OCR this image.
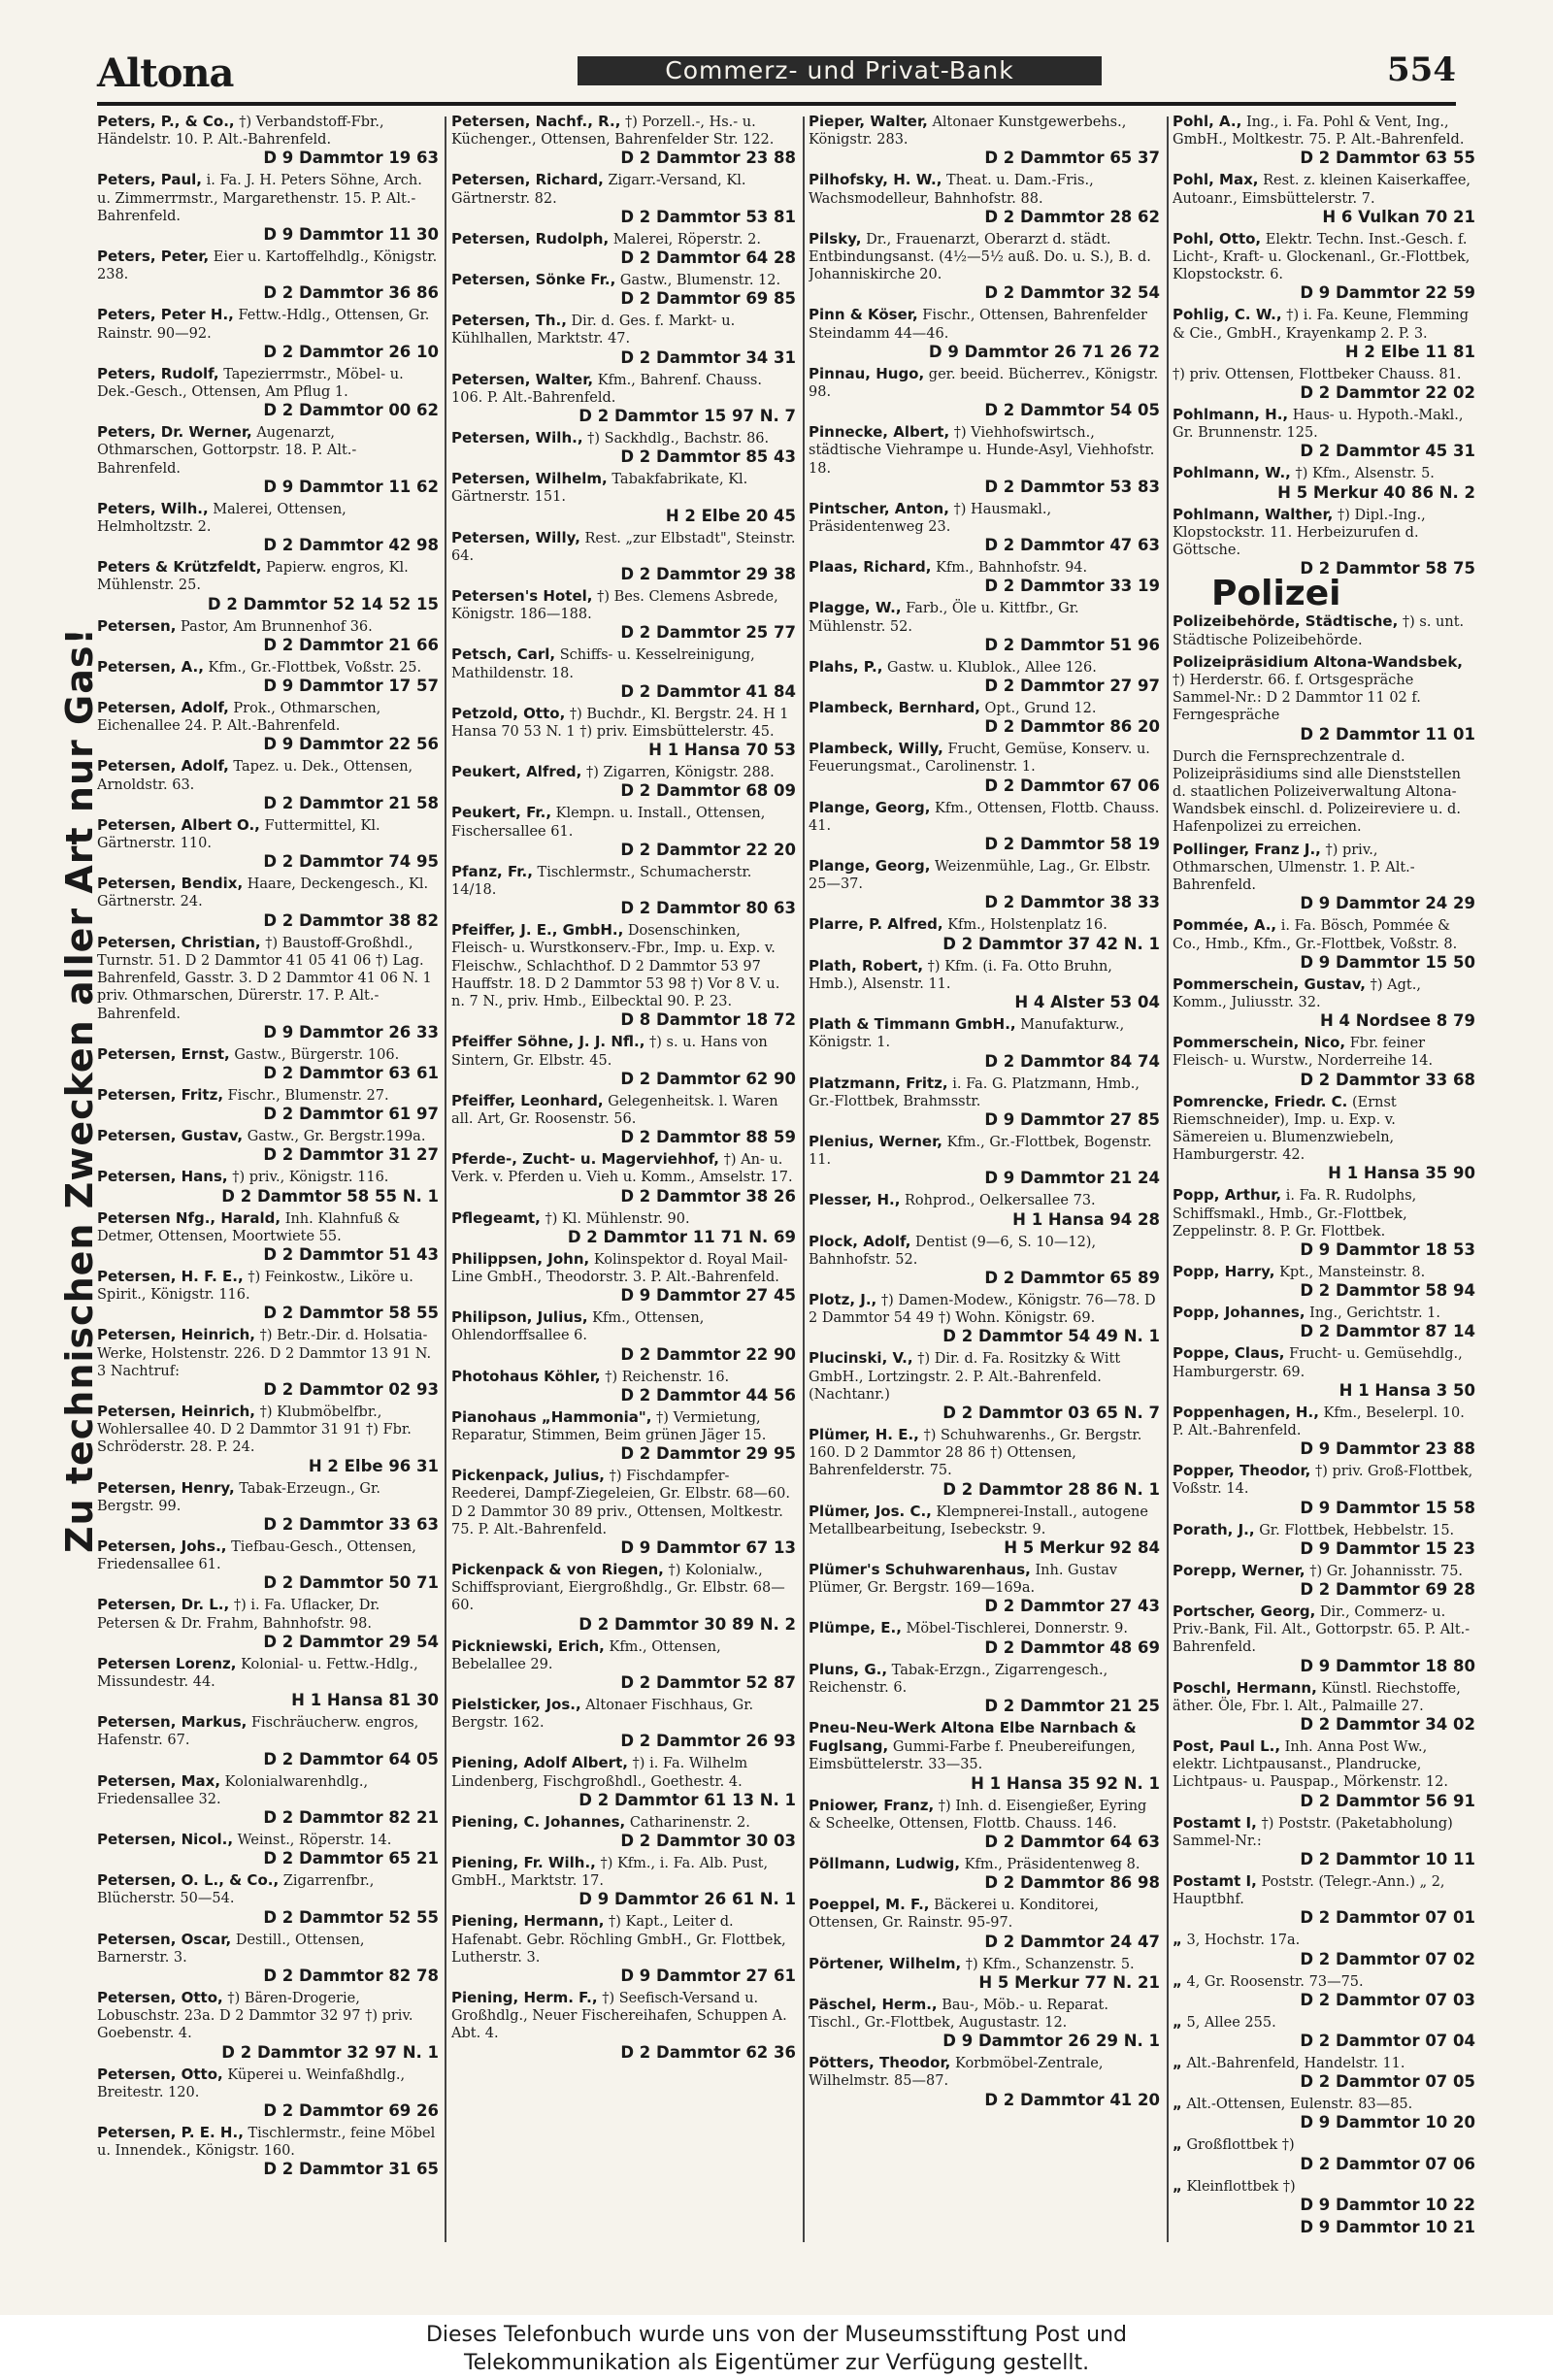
Altona	Commerz- und Privat-Bank	554
Zu technischen Zwecken aller Art nur Gas!
Peters, P., & Co., †) Verbandstoff-Fbr., Händelstr. 10. P. Alt.-Bahrenfeld.
D 9 Dammtor 19 63
Peters, Paul, i. Fa. J. H. Peters Söhne, Arch. u. Zimmerrmstr., Margarethenstr. 15. P. Alt.-Bahrenfeld.
D 9 Dammtor 11 30
Peters, Peter, Eier u. Kartoffelhdlg., Königstr. 238.
D 2 Dammtor 36 86
Peters, Peter H., Fettw.-Hdlg., Ottensen, Gr. Rainstr. 90—92.
D 2 Dammtor 26 10
Peters, Rudolf, Tapezierrmstr., Möbel- u. Dek.-Gesch., Ottensen, Am Pflug 1.
D 2 Dammtor 00 62
Peters, Dr. Werner, Augenarzt, Othmarschen, Gottorpstr. 18. P. Alt.-Bahrenfeld.
D 9 Dammtor 11 62
Peters, Wilh., Malerei, Ottensen, Helmholtzstr. 2.
D 2 Dammtor 42 98
Peters & Krützfeldt, Papierw. engros, Kl. Mühlenstr. 25.
D 2 Dammtor 52 14 52 15
Petersen, Pastor, Am Brunnenhof 36.
D 2 Dammtor 21 66
Petersen, A., Kfm., Gr.-Flottbek, Voßstr. 25.
D 9 Dammtor 17 57
Petersen, Adolf, Prok., Othmarschen, Eichenallee 24. P. Alt.-Bahrenfeld.
D 9 Dammtor 22 56
Petersen, Adolf, Tapez. u. Dek., Ottensen, Arnoldstr. 63.
D 2 Dammtor 21 58
Petersen, Albert O., Futtermittel, Kl. Gärtnerstr. 110.
D 2 Dammtor 74 95
Petersen, Bendix, Haare, Deckengesch., Kl. Gärtnerstr. 24.
D 2 Dammtor 38 82
Petersen, Christian, †) Baustoff-Großhdl., Turnstr. 51. D 2 Dammtor 41 05 41 06 †) Lag. Bahrenfeld, Gasstr. 3. D 2 Dammtor 41 06 N. 1 priv. Othmarschen, Dürerstr. 17. P. Alt.-Bahrenfeld.
D 9 Dammtor 26 33
Petersen, Ernst, Gastw., Bürgerstr. 106.
D 2 Dammtor 63 61
Petersen, Fritz, Fischr., Blumenstr. 27.
D 2 Dammtor 61 97
Petersen, Gustav, Gastw., Gr. Bergstr.199a.
D 2 Dammtor 31 27
Petersen, Hans, †) priv., Königstr. 116.
D 2 Dammtor 58 55 N. 1
Petersen Nfg., Harald, Inh. Klahnfuß & Detmer, Ottensen, Moortwiete 55.
D 2 Dammtor 51 43
Petersen, H. F. E., †) Feinkostw., Liköre u. Spirit., Königstr. 116.
D 2 Dammtor 58 55
Petersen, Heinrich, †) Betr.-Dir. d. Holsatia-Werke, Holstenstr. 226. D 2 Dammtor 13 91 N. 3 Nachtruf:
D 2 Dammtor 02 93
Petersen, Heinrich, †) Klubmöbelfbr., Wohlersallee 40. D 2 Dammtor 31 91 †) Fbr. Schröderstr. 28. P. 24.
H 2 Elbe 96 31
Petersen, Henry, Tabak-Erzeugn., Gr. Bergstr. 99.
D 2 Dammtor 33 63
Petersen, Johs., Tiefbau-Gesch., Ottensen, Friedensallee 61.
D 2 Dammtor 50 71
Petersen, Dr. L., †) i. Fa. Uflacker, Dr. Petersen & Dr. Frahm, Bahnhofstr. 98.
D 2 Dammtor 29 54
Petersen Lorenz, Kolonial- u. Fettw.-Hdlg., Missundestr. 44.
H 1 Hansa 81 30
Petersen, Markus, Fischräucherw. engros, Hafenstr. 67.
D 2 Dammtor 64 05
Petersen, Max, Kolonialwarenhdlg., Friedensallee 32.
D 2 Dammtor 82 21
Petersen, Nicol., Weinst., Röperstr. 14.
D 2 Dammtor 65 21
Petersen, O. L., & Co., Zigarrenfbr., Blücherstr. 50—54.
D 2 Dammtor 52 55
Petersen, Oscar, Destill., Ottensen, Barnerstr. 3.
D 2 Dammtor 82 78
Petersen, Otto, †) Bären-Drogerie, Lobuschstr. 23a. D 2 Dammtor 32 97 †) priv. Goebenstr. 4.
D 2 Dammtor 32 97 N. 1
Petersen, Otto, Küperei u. Weinfaßhdlg., Breitestr. 120.
D 2 Dammtor 69 26
Petersen, P. E. H., Tischlermstr., feine Möbel u. Innendek., Königstr. 160.
D 2 Dammtor 31 65
Petersen, Nachf., R., †) Porzell.-, Hs.- u. Küchenger., Ottensen, Bahrenfelder Str. 122.
D 2 Dammtor 23 88
Petersen, Richard, Zigarr.-Versand, Kl. Gärtnerstr. 82.
D 2 Dammtor 53 81
Petersen, Rudolph, Malerei, Röperstr. 2.
D 2 Dammtor 64 28
Petersen, Sönke Fr., Gastw., Blumenstr. 12.
D 2 Dammtor 69 85
Petersen, Th., Dir. d. Ges. f. Markt- u. Kühlhallen, Marktstr. 47.
D 2 Dammtor 34 31
Petersen, Walter, Kfm., Bahrenf. Chauss. 106. P. Alt.-Bahrenfeld.
D 2 Dammtor 15 97 N. 7
Petersen, Wilh., †) Sackhdlg., Bachstr. 86.
D 2 Dammtor 85 43
Petersen, Wilhelm, Tabakfabrikate, Kl. Gärtnerstr. 151.
H 2 Elbe 20 45
Petersen, Willy, Rest. „zur Elbstadt", Steinstr. 64.
D 2 Dammtor 29 38
Petersen's Hotel, †) Bes. Clemens Asbrede, Königstr. 186—188.
D 2 Dammtor 25 77
Petsch, Carl, Schiffs- u. Kesselreinigung, Mathildenstr. 18.
D 2 Dammtor 41 84
Petzold, Otto, †) Buchdr., Kl. Bergstr. 24. H 1 Hansa 70 53 N. 1 †) priv. Eimsbüttelerstr. 45.
H 1 Hansa 70 53
Peukert, Alfred, †) Zigarren, Königstr. 288.
D 2 Dammtor 68 09
Peukert, Fr., Klempn. u. Install., Ottensen, Fischersallee 61.
D 2 Dammtor 22 20
Pfanz, Fr., Tischlermstr., Schumacherstr. 14/18.
D 2 Dammtor 80 63
Pfeiffer, J. E., GmbH., Dosenschinken, Fleisch- u. Wurstkonserv.-Fbr., Imp. u. Exp. v. Fleischw., Schlachthof. D 2 Dammtor 53 97 Hauffstr. 18. D 2 Dammtor 53 98 †) Vor 8 V. u. n. 7 N., priv. Hmb., Eilbecktal 90. P. 23.
D 8 Dammtor 18 72
Pfeiffer Söhne, J. J. Nfl., †) s. u. Hans von Sintern, Gr. Elbstr. 45.
D 2 Dammtor 62 90
Pfeiffer, Leonhard, Gelegenheitsk. l. Waren all. Art, Gr. Roosenstr. 56.
D 2 Dammtor 88 59
Pferde-, Zucht- u. Magerviehhof, †) An- u. Verk. v. Pferden u. Vieh u. Komm., Amselstr. 17.
D 2 Dammtor 38 26
Pflegeamt, †) Kl. Mühlenstr. 90.
D 2 Dammtor 11 71 N. 69
Philippsen, John, Kolinspektor d. Royal Mail-Line GmbH., Theodorstr. 3. P. Alt.-Bahrenfeld.
D 9 Dammtor 27 45
Philipson, Julius, Kfm., Ottensen, Ohlendorffsallee 6.
D 2 Dammtor 22 90
Photohaus Köhler, †) Reichenstr. 16.
D 2 Dammtor 44 56
Pianohaus „Hammonia", †) Vermietung, Reparatur, Stimmen, Beim grünen Jäger 15.
D 2 Dammtor 29 95
Pickenpack, Julius, †) Fischdampfer-Reederei, Dampf-Ziegeleien, Gr. Elbstr. 68—60. D 2 Dammtor 30 89 priv., Ottensen, Moltkestr. 75. P. Alt.-Bahrenfeld.
D 9 Dammtor 67 13
Pickenpack & von Riegen, †) Kolonialw., Schiffsproviant, Eiergroßhdlg., Gr. Elbstr. 68—60.
D 2 Dammtor 30 89 N. 2
Pickniewski, Erich, Kfm., Ottensen, Bebelallee 29.
D 2 Dammtor 52 87
Pielsticker, Jos., Altonaer Fischhaus, Gr. Bergstr. 162.
D 2 Dammtor 26 93
Piening, Adolf Albert, †) i. Fa. Wilhelm Lindenberg, Fischgroßhdl., Goethestr. 4.
D 2 Dammtor 61 13 N. 1
Piening, C. Johannes, Catharinenstr. 2.
D 2 Dammtor 30 03
Piening, Fr. Wilh., †) Kfm., i. Fa. Alb. Pust, GmbH., Marktstr. 17.
D 9 Dammtor 26 61 N. 1
Piening, Hermann, †) Kapt., Leiter d. Hafenabt. Gebr. Röchling GmbH., Gr. Flottbek, Lutherstr. 3.
D 9 Dammtor 27 61
Piening, Herm. F., †) Seefisch-Versand u. Großhdlg., Neuer Fischereihafen, Schuppen A. Abt. 4.
D 2 Dammtor 62 36
Pieper, Walter, Altonaer Kunstgewerbehs., Königstr. 283.
D 2 Dammtor 65 37
Pilhofsky, H. W., Theat. u. Dam.-Fris., Wachsmodelleur, Bahnhofstr. 88.
D 2 Dammtor 28 62
Pilsky, Dr., Frauenarzt, Oberarzt d. städt. Entbindungsanst. (4½—5½ auß. Do. u. S.), B. d. Johanniskirche 20.
D 2 Dammtor 32 54
Pinn & Köser, Fischr., Ottensen, Bahrenfelder Steindamm 44—46.
D 9 Dammtor 26 71 26 72
Pinnau, Hugo, ger. beeid. Bücherrev., Königstr. 98.
D 2 Dammtor 54 05
Pinnecke, Albert, †) Viehhofswirtsch., städtische Viehrampe u. Hunde-Asyl, Viehhofstr. 18.
D 2 Dammtor 53 83
Pintscher, Anton, †) Hausmakl., Präsidentenweg 23.
D 2 Dammtor 47 63
Plaas, Richard, Kfm., Bahnhofstr. 94.
D 2 Dammtor 33 19
Plagge, W., Farb., Öle u. Kittfbr., Gr. Mühlenstr. 52.
D 2 Dammtor 51 96
Plahs, P., Gastw. u. Klublok., Allee 126.
D 2 Dammtor 27 97
Plambeck, Bernhard, Opt., Grund 12.
D 2 Dammtor 86 20
Plambeck, Willy, Frucht, Gemüse, Konserv. u. Feuerungsmat., Carolinenstr. 1.
D 2 Dammtor 67 06
Plange, Georg, Kfm., Ottensen, Flottb. Chauss. 41.
D 2 Dammtor 58 19
Plange, Georg, Weizenmühle, Lag., Gr. Elbstr. 25—37.
D 2 Dammtor 38 33
Plarre, P. Alfred, Kfm., Holstenplatz 16.
D 2 Dammtor 37 42 N. 1
Plath, Robert, †) Kfm. (i. Fa. Otto Bruhn, Hmb.), Alsenstr. 11.
H 4 Alster 53 04
Plath & Timmann GmbH., Manufakturw., Königstr. 1.
D 2 Dammtor 84 74
Platzmann, Fritz, i. Fa. G. Platzmann, Hmb., Gr.-Flottbek, Brahmsstr.
D 9 Dammtor 27 85
Plenius, Werner, Kfm., Gr.-Flottbek, Bogenstr. 11.
D 9 Dammtor 21 24
Plesser, H., Rohprod., Oelkersallee 73.
H 1 Hansa 94 28
Plock, Adolf, Dentist (9—6, S. 10—12), Bahnhofstr. 52.
D 2 Dammtor 65 89
Plotz, J., †) Damen-Modew., Königstr. 76—78. D 2 Dammtor 54 49 †) Wohn. Königstr. 69.
D 2 Dammtor 54 49 N. 1
Plucinski, V., †) Dir. d. Fa. Rositzky & Witt GmbH., Lortzingstr. 2. P. Alt.-Bahrenfeld. (Nachtanr.)
D 2 Dammtor 03 65 N. 7
Plümer, H. E., †) Schuhwarenhs., Gr. Bergstr. 160. D 2 Dammtor 28 86 †) Ottensen, Bahrenfelderstr. 75.
D 2 Dammtor 28 86 N. 1
Plümer, Jos. C., Klempnerei-Install., autogene Metallbearbeitung, Isebeckstr. 9.
H 5 Merkur 92 84
Plümer's Schuhwarenhaus, Inh. Gustav Plümer, Gr. Bergstr. 169—169a.
D 2 Dammtor 27 43
Plümpe, E., Möbel-Tischlerei, Donnerstr. 9.
D 2 Dammtor 48 69
Pluns, G., Tabak-Erzgn., Zigarrengesch., Reichenstr. 6.
D 2 Dammtor 21 25
Pneu-Neu-Werk Altona Elbe Narnbach & Fuglsang, Gummi-Farbe f. Pneubereifungen, Eimsbüttelerstr. 33—35.
H 1 Hansa 35 92 N. 1
Pniower, Franz, †) Inh. d. Eisengießer, Eyring & Scheelke, Ottensen, Flottb. Chauss. 146.
D 2 Dammtor 64 63
Pöllmann, Ludwig, Kfm., Präsidentenweg 8.
D 2 Dammtor 86 98
Poeppel, M. F., Bäckerei u. Konditorei, Ottensen, Gr. Rainstr. 95-97.
D 2 Dammtor 24 47
Pörtener, Wilhelm, †) Kfm., Schanzenstr. 5.
H 5 Merkur 77 N. 21
Päschel, Herm., Bau-, Möb.- u. Reparat. Tischl., Gr.-Flottbek, Augustastr. 12.
D 9 Dammtor 26 29 N. 1
Pötters, Theodor, Korbmöbel-Zentrale, Wilhelmstr. 85—87.
D 2 Dammtor 41 20
Pohl, A., Ing., i. Fa. Pohl & Vent, Ing., GmbH., Moltkestr. 75. P. Alt.-Bahrenfeld.
D 2 Dammtor 63 55
Pohl, Max, Rest. z. kleinen Kaiserkaffee, Autoanr., Eimsbüttelerstr. 7.
H 6 Vulkan 70 21
Pohl, Otto, Elektr. Techn. Inst.-Gesch. f. Licht-, Kraft- u. Glockenanl., Gr.-Flottbek, Klopstockstr. 6.
D 9 Dammtor 22 59
Pohlig, C. W., †) i. Fa. Keune, Flemming & Cie., GmbH., Krayenkamp 2. P. 3.
H 2 Elbe 11 81
†) priv. Ottensen, Flottbeker Chauss. 81.
D 2 Dammtor 22 02
Pohlmann, H., Haus- u. Hypoth.-Makl., Gr. Brunnenstr. 125.
D 2 Dammtor 45 31
Pohlmann, W., †) Kfm., Alsenstr. 5.
H 5 Merkur 40 86 N. 2
Pohlmann, Walther, †) Dipl.-Ing., Klopstockstr. 11. Herbeizurufen d. Göttsche.
D 2 Dammtor 58 75
Polizei
Polizeibehörde, Städtische, †) s. unt. Städtische Polizeibehörde.
Polizeipräsidium Altona-Wandsbek, †) Herderstr. 66. f. Ortsgespräche Sammel-Nr.: D 2 Dammtor 11 02 f. Ferngespräche
D 2 Dammtor 11 01
Durch die Fernsprechzentrale d. Polizeipräsidiums sind alle Dienststellen d. staatlichen Polizeiverwaltung Altona-Wandsbek einschl. d. Polizeireviere u. d. Hafenpolizei zu erreichen.
Pollinger, Franz J., †) priv., Othmarschen, Ulmenstr. 1. P. Alt.-Bahrenfeld.
D 9 Dammtor 24 29
Pommée, A., i. Fa. Bösch, Pommée & Co., Hmb., Kfm., Gr.-Flottbek, Voßstr. 8.
D 9 Dammtor 15 50
Pommerschein, Gustav, †) Agt., Komm., Juliusstr. 32.
H 4 Nordsee 8 79
Pommerschein, Nico, Fbr. feiner Fleisch- u. Wurstw., Norderreihe 14.
D 2 Dammtor 33 68
Pomrencke, Friedr. C. (Ernst Riemschneider), Imp. u. Exp. v. Sämereien u. Blumenzwiebeln, Hamburgerstr. 42.
H 1 Hansa 35 90
Popp, Arthur, i. Fa. R. Rudolphs, Schiffsmakl., Hmb., Gr.-Flottbek, Zeppelinstr. 8. P. Gr. Flottbek.
D 9 Dammtor 18 53
Popp, Harry, Kpt., Mansteinstr. 8.
D 2 Dammtor 58 94
Popp, Johannes, Ing., Gerichtstr. 1.
D 2 Dammtor 87 14
Poppe, Claus, Frucht- u. Gemüsehdlg., Hamburgerstr. 69.
H 1 Hansa 3 50
Poppenhagen, H., Kfm., Beselerpl. 10. P. Alt.-Bahrenfeld.
D 9 Dammtor 23 88
Popper, Theodor, †) priv. Groß-Flottbek, Voßstr. 14.
D 9 Dammtor 15 58
Porath, J., Gr. Flottbek, Hebbelstr. 15.
D 9 Dammtor 15 23
Porepp, Werner, †) Gr. Johannisstr. 75.
D 2 Dammtor 69 28
Portscher, Georg, Dir., Commerz- u. Priv.-Bank, Fil. Alt., Gottorpstr. 65. P. Alt.-Bahrenfeld.
D 9 Dammtor 18 80
Poschl, Hermann, Künstl. Riechstoffe, äther. Öle, Fbr. l. Alt., Palmaille 27.
D 2 Dammtor 34 02
Post, Paul L., Inh. Anna Post Ww., elektr. Lichtpausanst., Plandrucke, Lichtpaus- u. Pauspap., Mörkenstr. 12.
D 2 Dammtor 56 91
Postamt I, †) Poststr. (Paketabholung) Sammel-Nr.:
D 2 Dammtor 10 11
Postamt I, Poststr. (Telegr.-Ann.) „ 2, Hauptbhf.
D 2 Dammtor 07 01
„ 3, Hochstr. 17a.
D 2 Dammtor 07 02
„ 4, Gr. Roosenstr. 73—75.
D 2 Dammtor 07 03
„ 5, Allee 255.
D 2 Dammtor 07 04
„ Alt.-Bahrenfeld, Handelstr. 11.
D 2 Dammtor 07 05
„ Alt.-Ottensen, Eulenstr. 83—85.
D 9 Dammtor 10 20
„ Großflottbek †)
D 2 Dammtor 07 06
„ Kleinflottbek †)
D 9 Dammtor 10 22
D 9 Dammtor 10 21
Dieses Telefonbuch wurde uns von der Museumsstiftung Post und
Telekommunikation als Eigentümer zur Verfügung gestellt.
